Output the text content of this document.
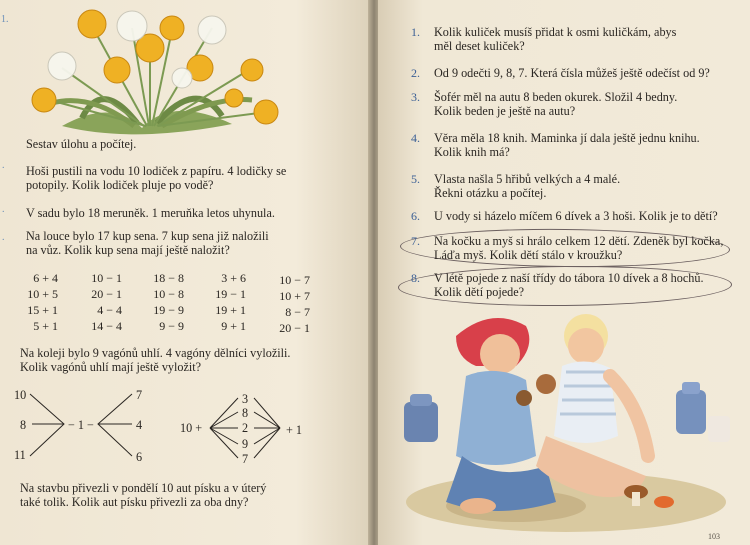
1.
.
.
.
Sestav úlohu a počítej.
Hoši pustili na vodu 10 lodiček z papíru. 4 lodičky se
potopily. Kolik lodiček pluje po vodě?
V sadu bylo 18 meruněk. 1 meruňka letos uhynula.
Na louce bylo 17 kup sena. 7 kup sena již naložili
na vůz. Kolik kup sena mají ještě naložit?
6 + 4
10 + 5
15 + 1
5 + 1
10 − 1
20 − 1
4 − 4
14 − 4
18 − 8
10 − 8
19 − 9
9 − 9
3 + 6
19 − 1
19 + 1
9 + 1
10 − 7
10 + 7
8 − 7
20 − 1
Na koleji bylo 9 vagónů uhlí. 4 vagóny dělníci vyložili.
Kolik vagónů uhlí mají ještě vyložit?
10
8
11
− 1 −
7
4
6
10 +
3
8
2
9
7
+ 1
Na stavbu přivezli v pondělí 10 aut písku a v úterý
také tolik. Kolik aut písku přivezli za oba dny?
1. Kolik kuliček musíš přidat k osmi kuličkám, abys
měl deset kuliček?
2. Od 9 odečti 9, 8, 7. Která čísla můžeš ještě odečíst od 9?
3. Šofér měl na autu 8 beden okurek. Složil 4 bedny.
Kolik beden je ještě na autu?
4. Věra měla 18 knih. Maminka jí dala ještě jednu knihu.
Kolik knih má?
5. Vlasta našla 5 hřibů velkých a 4 malé.
Řekni otázku a počítej.
6. U vody si házelo míčem 6 dívek a 3 hoši. Kolik je to dětí?
7. Na kočku a myš si hrálo celkem 12 dětí. Zdeněk byl kočka,
Láďa myš. Kolik dětí stálo v kroužku?
8. V létě pojede z naší třídy do tábora 10 dívek a 8 hochů.
Kolik dětí pojede?
103
